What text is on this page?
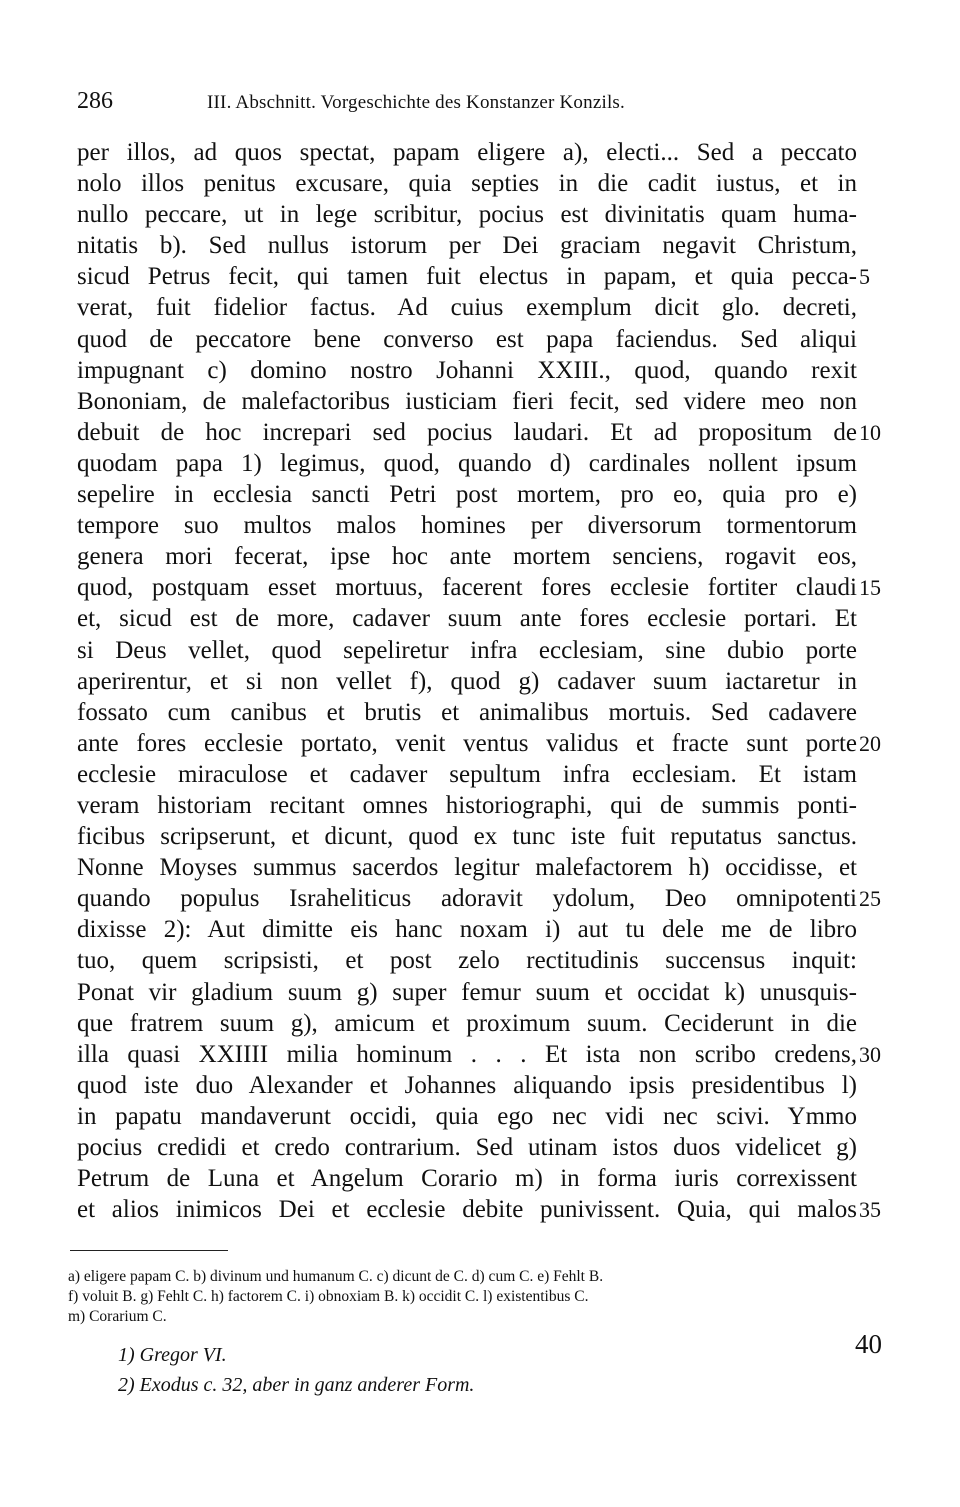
286	III. Abschnitt. Vorgeschichte des Konstanzer Konzils.
per illos, ad quos spectat, papam eligere a), electi... Sed a peccato
nolo illos penitus excusare, quia septies in die cadit iustus, et in
nullo peccare, ut in lege scribitur, pocius est divinitatis quam huma-
nitatis b). Sed nullus istorum per Dei graciam negavit Christum,
sicud Petrus fecit, qui tamen fuit electus in papam, et quia pecca- 5
verat, fuit fidelior factus. Ad cuius exemplum dicit glo. decreti,
quod de peccatore bene converso est papa faciendus. Sed aliqui
impugnant c) domino nostro Johanni XXIII., quod, quando rexit
Bononiam, de malefactoribus iusticiam fieri fecit, sed videre meo non
debuit de hoc increpari sed pocius laudari. Et ad propositum de 10
quodam papa 1) legimus, quod, quando d) cardinales nollent ipsum
sepelire in ecclesia sancti Petri post mortem, pro eo, quia pro e)
tempore suo multos malos homines per diversorum tormentorum
genera mori fecerat, ipse hoc ante mortem senciens, rogavit eos,
quod, postquam esset mortuus, facerent fores ecclesie fortiter claudi 15
et, sicud est de more, cadaver suum ante fores ecclesie portari. Et
si Deus vellet, quod sepeliretur infra ecclesiam, sine dubio porte
aperirentur, et si non vellet f), quod g) cadaver suum iactaretur in
fossato cum canibus et brutis et animalibus mortuis. Sed cadavere
ante fores ecclesie portato, venit ventus validus et fracte sunt porte 20
ecclesie miraculose et cadaver sepultum infra ecclesiam. Et istam
veram historiam recitant omnes historiographi, qui de summis ponti-
ficibus scripserunt, et dicunt, quod ex tunc iste fuit reputatus sanctus.
Nonne Moyses summus sacerdos legitur malefactorem h) occidisse, et
quando populus Israheliticus adoravit ydolum, Deo omnipotenti 25
dixisse 2): Aut dimitte eis hanc noxam i) aut tu dele me de libro
tuo, quem scripsisti, et post zelo rectitudinis succensus inquit:
Ponat vir gladium suum g) super femur suum et occidat k) unusquis-
que fratrem suum g), amicum et proximum suum. Ceciderunt in die
illa quasi XXIIII milia hominum . . . Et ista non scribo credens, 30
quod iste duo Alexander et Johannes aliquando ipsis presidentibus l)
in papatu mandaverunt occidi, quia ego nec vidi nec scivi. Ymmo
pocius credidi et credo contrarium. Sed utinam istos duos videlicet g)
Petrum de Luna et Angelum Corario m) in forma iuris correxissent
et alios inimicos Dei et ecclesie debite punivissent. Quia, qui malos 35
a) eligere papam C. b) divinum und humanum C. c) dicunt de C. d) cum C. e) Fehlt B.
f) voluit B. g) Fehlt C. h) factorem C. i) obnoxiam B. k) occidit C. l) existentibus C.
m) Corarium C.
1) Gregor VI.
2) Exodus c. 32, aber in ganz anderer Form.
40
